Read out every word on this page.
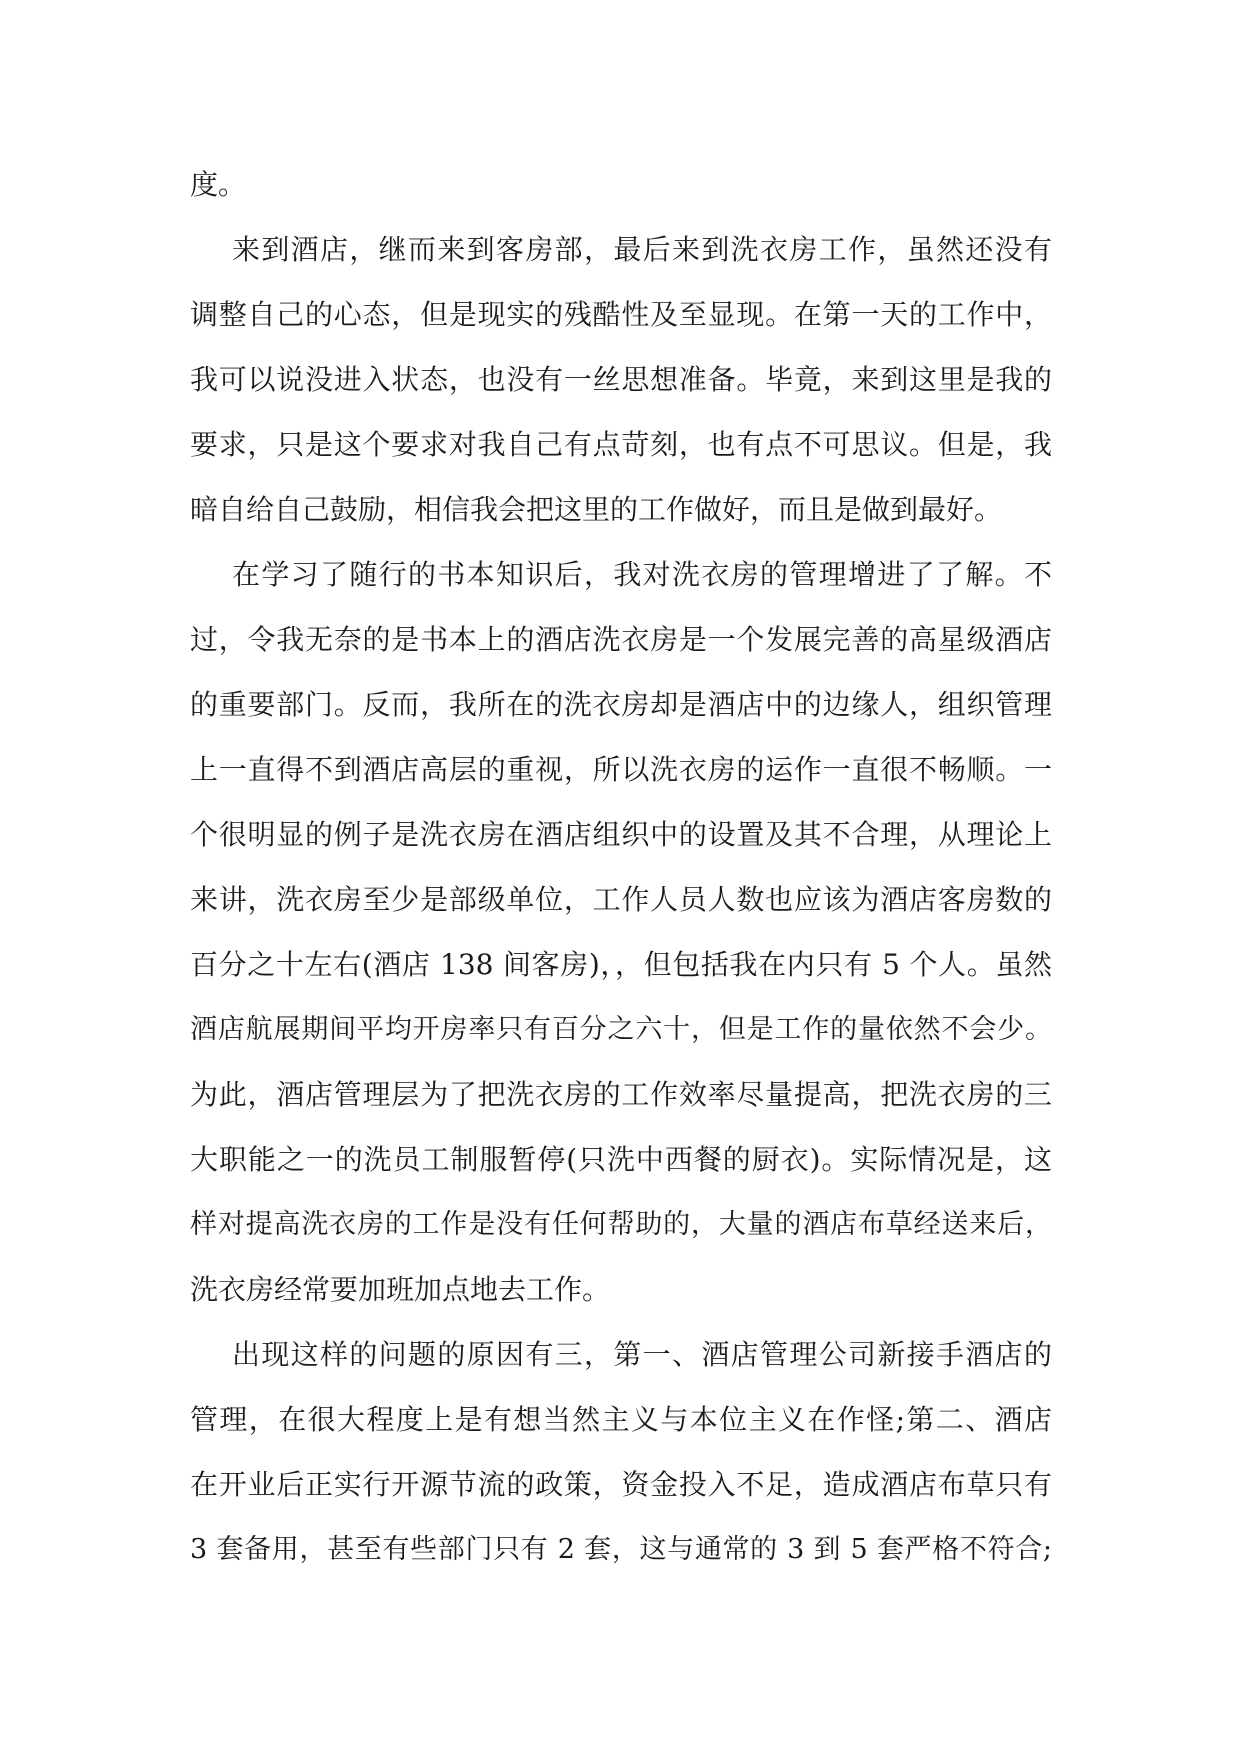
度。
来到酒店，继而来到客房部，最后来到洗衣房工作，虽然还没有
调整自己的心态，但是现实的残酷性及至显现。在第一天的工作中，
我可以说没进入状态，也没有一丝思想准备。毕竟，来到这里是我的
要求，只是这个要求对我自己有点苛刻，也有点不可思议。但是，我
暗自给自己鼓励，相信我会把这里的工作做好，而且是做到最好。
在学习了随行的书本知识后，我对洗衣房的管理增进了了解。不
过，令我无奈的是书本上的酒店洗衣房是一个发展完善的高星级酒店
的重要部门。反而，我所在的洗衣房却是酒店中的边缘人，组织管理
上一直得不到酒店高层的重视，所以洗衣房的运作一直很不畅顺。一
个很明显的例子是洗衣房在酒店组织中的设置及其不合理，从理论上
来讲，洗衣房至少是部级单位，工作人员人数也应该为酒店客房数的
百分之十左右(酒店 138 间客房)，，但包括我在内只有 5 个人。虽然
酒店航展期间平均开房率只有百分之六十，但是工作的量依然不会少。
为此，酒店管理层为了把洗衣房的工作效率尽量提高，把洗衣房的三
大职能之一的洗员工制服暂停(只洗中西餐的厨衣)。实际情况是，这
样对提高洗衣房的工作是没有任何帮助的，大量的酒店布草经送来后，
洗衣房经常要加班加点地去工作。
出现这样的问题的原因有三，第一、酒店管理公司新接手酒店的
管理，在很大程度上是有想当然主义与本位主义在作怪;第二、酒店
在开业后正实行开源节流的政策，资金投入不足，造成酒店布草只有
3 套备用，甚至有些部门只有 2 套，这与通常的 3 到 5 套严格不符合;
